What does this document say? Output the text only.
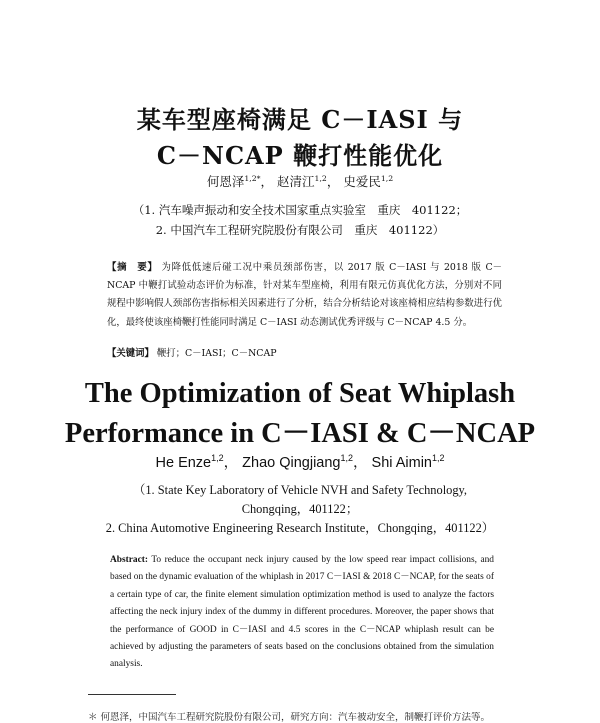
某车型座椅满足 C－IASI 与
C－NCAP 鞭打性能优化
何恩泽$^{1,2*}$， 赵清江$^{1,2}$， 史爱民$^{1,2}$
（1. 汽车噪声振动和安全技术国家重点实验室　重庆　401122；
2. 中国汽车工程研究院股份有限公司　重庆　401122）
【摘　要】 为降低低速后碰工况中乘员颈部伤害，以 2017 版 C－IASI 与 2018 版 C－NCAP 中鞭打试验动态评价为标准，针对某车型座椅，利用有限元仿真优化方法，分别对不同规程中影响假人颈部伤害指标相关因素进行了分析，结合分析结论对该座椅相应结构参数进行优化，最终使该座椅鞭打性能同时满足 C－IASI 动态测试优秀评级与 C－NCAP 4.5 分。
【关键词】 鞭打；C－IASI；C－NCAP
The Optimization of Seat Whiplash
Performance in C－IASI & C－NCAP
He Enze$^{1,2}$， Zhao Qingjiang$^{1,2}$， Shi Aimin$^{1,2}$
（1. State Key Laboratory of Vehicle NVH and Safety Technology,
Chongqing，401122；
2. China Automotive Engineering Research Institute，Chongqing，401122）
Abstract: To reduce the occupant neck injury caused by the low speed rear impact collisions, and based on the dynamic evaluation of the whiplash in 2017 C－IASI & 2018 C－NCAP, for the seats of a certain type of car, the finite element simulation optimization method is used to analyze the factors affecting the neck injury index of the dummy in different procedures. Moreover, the paper shows that the performance of GOOD in C－IASI and 4.5 scores in the C－NCAP whiplash result can be achieved by adjusting the parameters of seats based on the conclusions obtained from the simulation analysis.
＊ 何恩泽，中国汽车工程研究院股份有限公司，研究方向：汽车被动安全，制鞭打评价方法等。
